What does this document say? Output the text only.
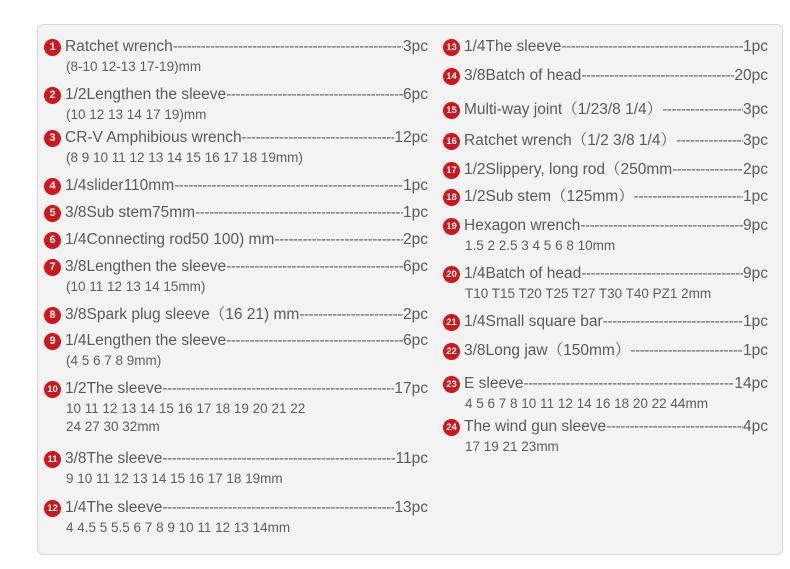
1 Ratchet wrench -----	3pc
(8-10 12-13 17-19)mm
2 1/2Lengthen the sleeve -----	6pc
(10 12 13 14 17 19)mm
3 CR-V Amphibious wrench -----	12pc
(8 9 10 11 12 13 14 15 16 17 18 19mm)
4 1/4slider110mm -----	1pc
5 3/8Sub stem75mm -----	1pc
6 1/4Connecting rod50 100) mm -----	2pc
7 3/8Lengthen the sleeve -----	6pc
(10 11 12 13 14 15mm)
8 3/8Spark plug sleeve（16 21) mm -----	2pc
9 1/4Lengthen the sleeve -----	6pc
(4 5 6 7 8 9mm)
10 1/2The sleeve -----	17pc
10 11 12 13 14 15 16 17 18 19 20 21 22
24 27 30 32mm
11 3/8The sleeve -----	11pc
9 10 11 12 13 14 15 16 17 18 19mm
12 1/4The sleeve -----	13pc
4 4.5 5 5.5 6 7 8 9 10 11 12 13 14mm
13 1/4The sleeve -----	1pc
14 3/8Batch of head -----	20pc
15 Multi-way joint（1/23/8 1/4） -----	3pc
16 Ratchet wrench（1/2 3/8 1/4） -----	3pc
17 1/2Slippery, long rod（250mm -----	2pc
18 1/2Sub stem（125mm） -----	1pc
19 Hexagon wrench -----	9pc
1.5 2 2.5 3 4 5 6 8 10mm
20 1/4Batch of head -----	9pc
T10 T15 T20 T25 T27 T30 T40 PZ1 2mm
21 1/4Small square bar -----	1pc
22 3/8Long jaw（150mm） -----	1pc
23 E sleeve -----	14pc
4 5 6 7 8 10 11 12 14 16 18 20 22 44mm
24 The wind gun sleeve -----	4pc
17 19 21 23mm
